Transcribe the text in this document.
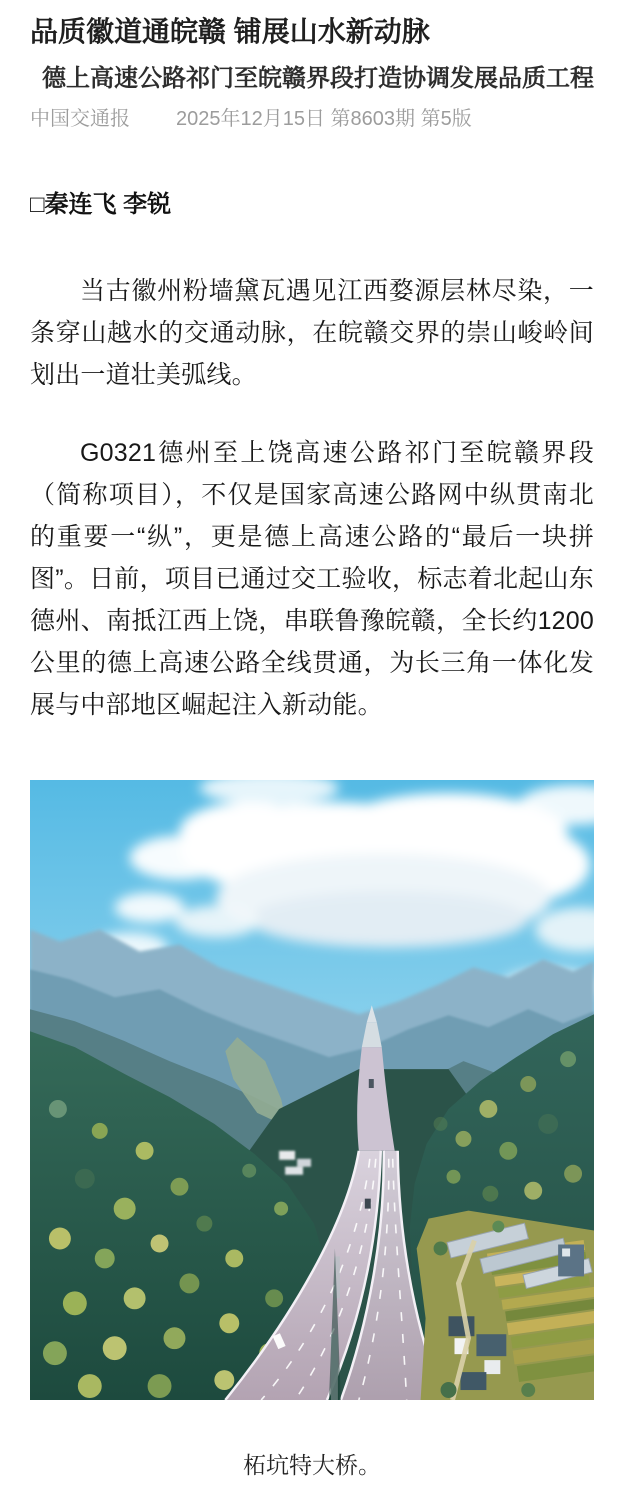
品质徽道通皖赣 铺展山水新动脉
德上高速公路祁门至皖赣界段打造协调发展品质工程
中国交通报 2025年12月15日 第8603期 第5版
□秦连飞 李锐

当古徽州粉墙黛瓦遇见江西婺源层林尽染，一条穿山越水的交通动脉，在皖赣交界的崇山峻岭间划出一道壮美弧线。

G0321德州至上饶高速公路祁门至皖赣界段（简称项目），不仅是国家高速公路网中纵贯南北的重要一“纵”，更是德上高速公路的“最后一块拼图”。日前，项目已通过交工验收，标志着北起山东德州、南抵江西上饶，串联鲁豫皖赣，全长约1200公里的德上高速公路全线贯通，为长三角一体化发展与中部地区崛起注入新动能。

柘坑特大桥。
